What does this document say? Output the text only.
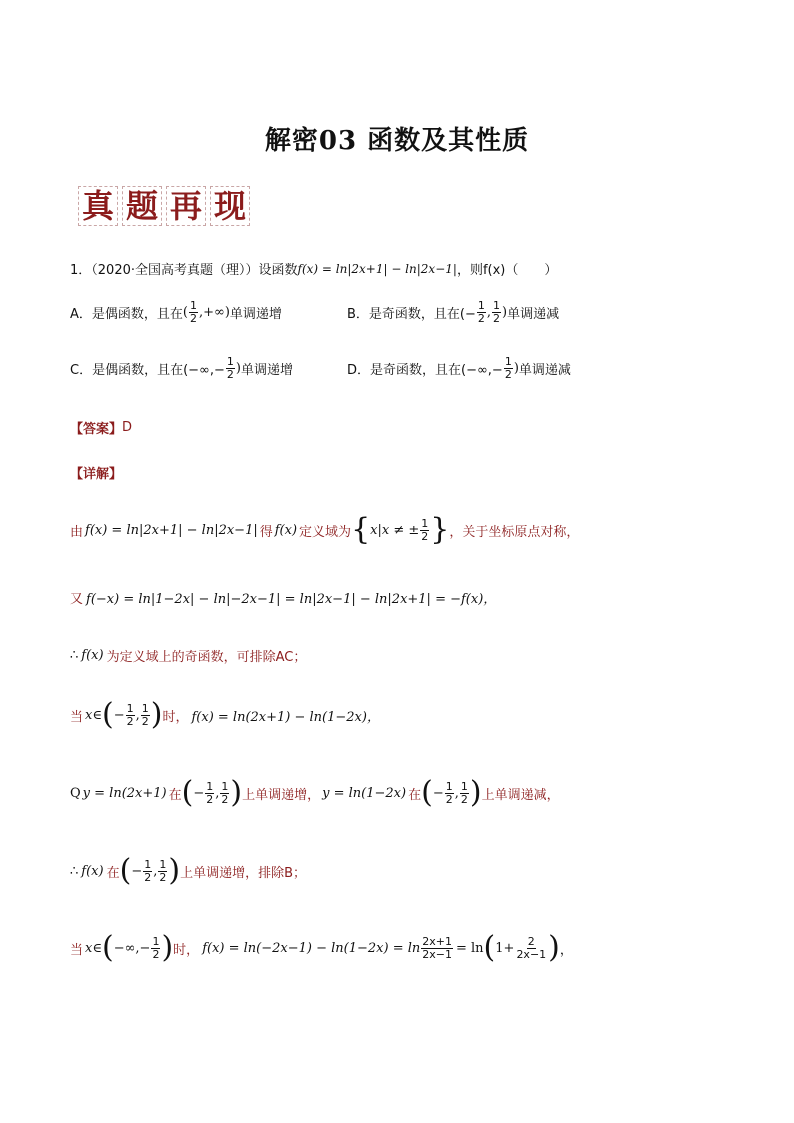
解密03 函数及其性质
真 题 再 现
1．（2020·全国高考真题（理））设函数 f(x) = ln|2x+1| − ln|2x−1| ，则f(x)（　　）
A．是偶函数，且在 ( $\frac{1}{2}$ ,+∞) 单调递增	B．是奇函数，且在(− $\frac{1}{2}$ , $\frac{1}{2}$ ) 单调递减
C．是偶函数，且在(−∞,− $\frac{1}{2}$ ) 单调递增	D．是奇函数，且在(−∞,− $\frac{1}{2}$ ) 单调递减
【答案】 D
【详解】
由 f(x) = ln|2x+1| − ln|2x−1| 得 f(x) 定义域为 { x|x ≠ ± $\frac{1}{2}$ } ，关于坐标原点对称，
又 f(−x) = ln|1−2x| − ln|−2x−1| = ln|2x−1| − ln|2x+1| = −f(x)，
∴ f(x) 为定义域上的奇函数，可排除AC；
当 x∈ ( − $\frac{1}{2}$ , $\frac{1}{2}$ ) 时， f(x) = ln(2x+1) − ln(1−2x)，
Q y = ln(2x+1) 在 ( − $\frac{1}{2}$ , $\frac{1}{2}$ ) 上单调递增， y = ln(1−2x) 在 ( − $\frac{1}{2}$ , $\frac{1}{2}$ ) 上单调递减，
∴ f(x) 在 ( − $\frac{1}{2}$ , $\frac{1}{2}$ ) 上单调递增，排除B；
当 x∈ ( −∞,− $\frac{1}{2}$ ) 时， $f(x) = \ln(-2x-1) - \ln(1-2x) = \ln \frac{2x+1}{2x-1} = \ln$ ( $1+ \frac{2}{2x-1}$ ) ，
